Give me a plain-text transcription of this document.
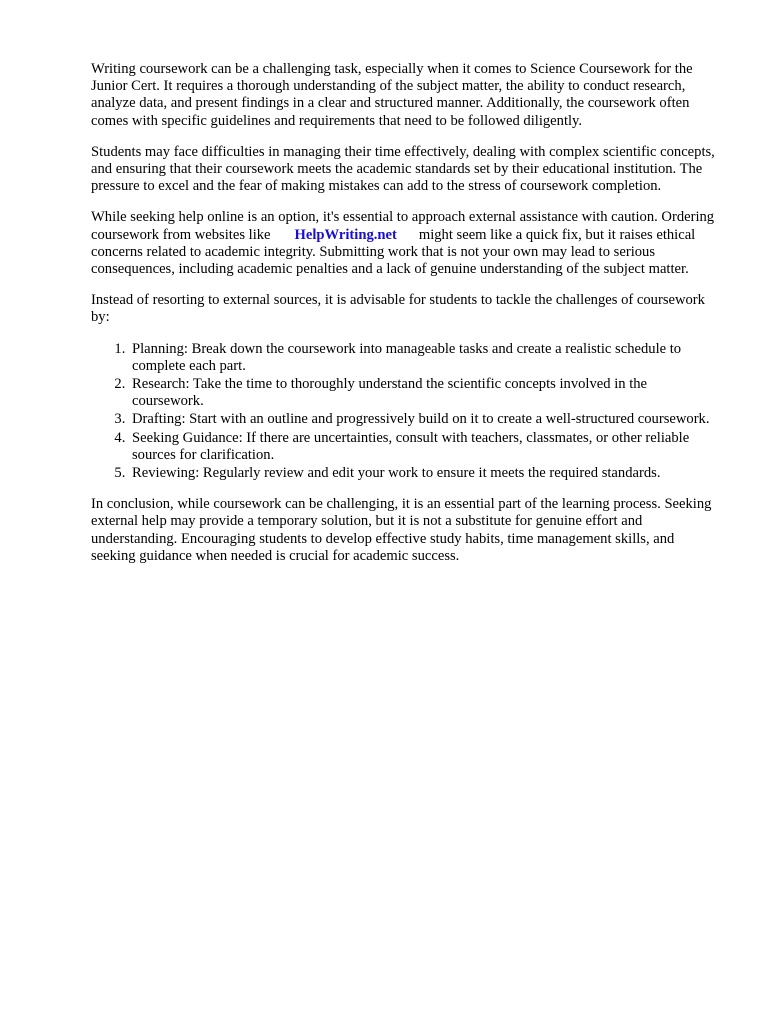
Writing coursework can be a challenging task, especially when it comes to Science Coursework for the Junior Cert. It requires a thorough understanding of the subject matter, the ability to conduct research, analyze data, and present findings in a clear and structured manner. Additionally, the coursework often comes with specific guidelines and requirements that need to be followed diligently.

Students may face difficulties in managing their time effectively, dealing with complex scientific concepts, and ensuring that their coursework meets the academic standards set by their educational institution. The pressure to excel and the fear of making mistakes can add to the stress of coursework completion.

While seeking help online is an option, it's essential to approach external assistance with caution. Ordering coursework from websites like HelpWriting.net might seem like a quick fix, but it raises ethical concerns related to academic integrity. Submitting work that is not your own may lead to serious consequences, including academic penalties and a lack of genuine understanding of the subject matter.

Instead of resorting to external sources, it is advisable for students to tackle the challenges of coursework by:

1. Planning: Break down the coursework into manageable tasks and create a realistic schedule to complete each part.
2. Research: Take the time to thoroughly understand the scientific concepts involved in the coursework.
3. Drafting: Start with an outline and progressively build on it to create a well-structured coursework.
4. Seeking Guidance: If there are uncertainties, consult with teachers, classmates, or other reliable sources for clarification.
5. Reviewing: Regularly review and edit your work to ensure it meets the required standards.

In conclusion, while coursework can be challenging, it is an essential part of the learning process. Seeking external help may provide a temporary solution, but it is not a substitute for genuine effort and understanding. Encouraging students to develop effective study habits, time management skills, and seeking guidance when needed is crucial for academic success.
